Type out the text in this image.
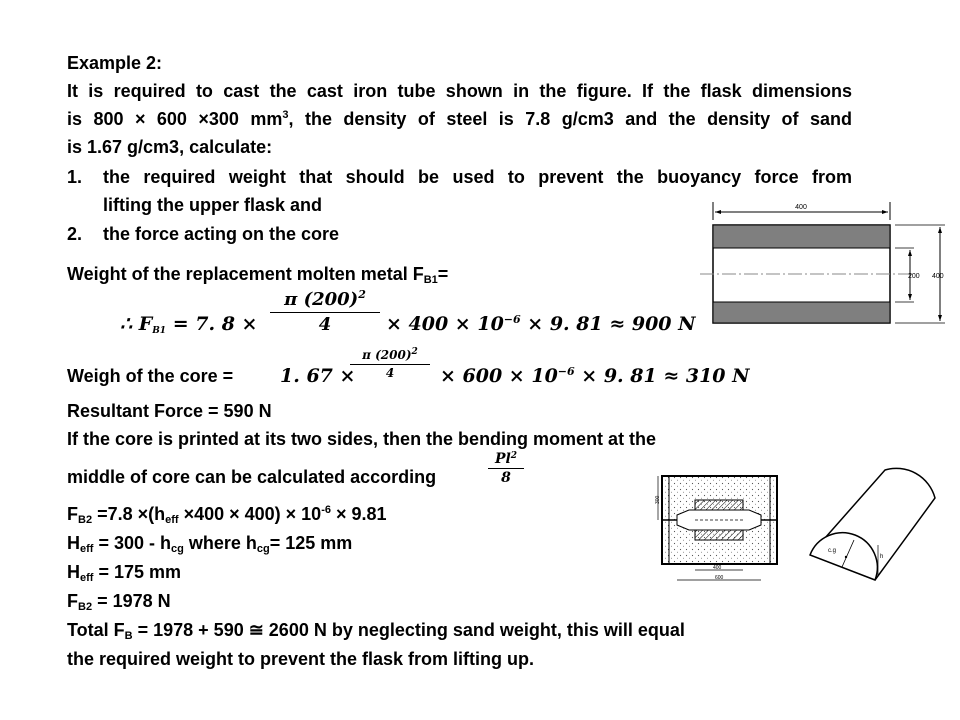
Example 2:
It is required to cast the cast iron tube shown in the figure. If the flask dimensions
is 800 × 600 ×300 $mm^3$, the density of steel is 7.8 g/cm3 and the density of sand
is 1.67 g/cm3, calculate:
1. the required weight that should be used to prevent the buoyancy force from
lifting the upper flask and
2. the force acting on the core
Weight of the replacement molten metal $F_{B1}=$
∴ $F_{B1} = 7$. 8 ×
π $(200)^2$
4	× $400 \times 10^{-6} \times 9$. 81 ≈ 900 N
Weigh of the core = 1. 67 ×
π $(200)^2$
4	× $600 \times 10^{-6} \times 9$. 81 ≈ 310 N
Resultant Force = 590 N
If the core is printed at its two sides, then the bending moment at the
middle of core can be calculated according
Pl$^2$
8
$F_{B2} =7.8 \times(h_{eff} \times 400 \times 400) \times 10^{-6} \times 9.81$
$H_{eff} = 300 - h_{cg}$ where $h_{cg}= 125$ mm
$H_{eff} = 175$ mm
$F_{B2} = 1978$ N
Total $F_B = 1978 + 590$ ≅ 2600 N by neglecting sand weight, this will equal
the required weight to prevent the flask from lifting up.
400
200 400
300
400
600
c.g
h
